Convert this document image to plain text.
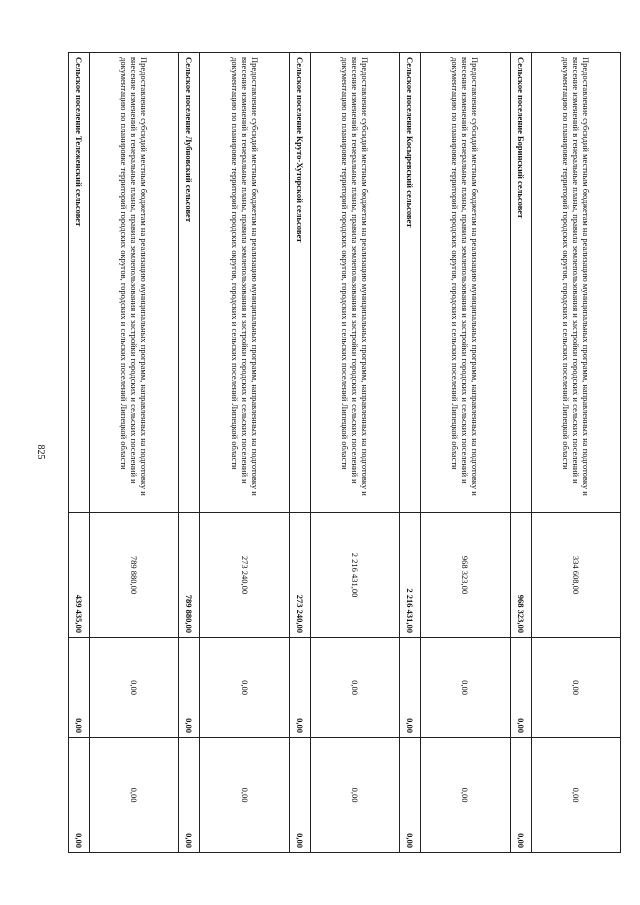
825	Предоставление субсидий местным бюджетам на реализацию муниципальных программ, направленных на подготовку и внесение изменений в генеральные планы, правила землепользования и застройки городских и сельских поселений и документацию по планировке территорий городских округов, городских и сельских поселений Липецкой области	334 608,00	0,00	0,00
Сельское поселение Боринский сельсовет	968 323,00	0,00	0,00
Предоставление субсидий местным бюджетам на реализацию муниципальных программ, направленных на подготовку и внесение изменений в генеральные планы, правила землепользования и застройки городских и сельских поселений и документацию по планировке территорий городских округов, городских и сельских поселений Липецкой области	968 323,00	0,00	0,00
Сельское поселение Косыревский сельсовет	2 216 431,00	0,00	0,00
Предоставление субсидий местным бюджетам на реализацию муниципальных программ, направленных на подготовку и внесение изменений в генеральные планы, правила землепользования и застройки городских и сельских поселений и документацию по планировке территорий городских округов, городских и сельских поселений Липецкой области	2 216 431,00	0,00	0,00
Сельское поселение Круто-Хуторской сельсовет	273 240,00	0,00	0,00
Предоставление субсидий местным бюджетам на реализацию муниципальных программ, направленных на подготовку и внесение изменений в генеральные планы, правила землепользования и застройки городских и сельских поселений и документацию по планировке территорий городских округов, городских и сельских поселений Липецкой области	273 240,00	0,00	0,00
Сельское поселение Лубновский сельсовет	789 880,00	0,00	0,00
Предоставление субсидий местным бюджетам на реализацию муниципальных программ, направленных на подготовку и внесение изменений в генеральные планы, правила землепользования и застройки городских и сельских поселений и документацию по планировке территорий городских округов, городских и сельских поселений Липецкой области	789 880,00	0,00	0,00
Сельское поселение Тележенский сельсовет	439 435,00	0,00	0,00
